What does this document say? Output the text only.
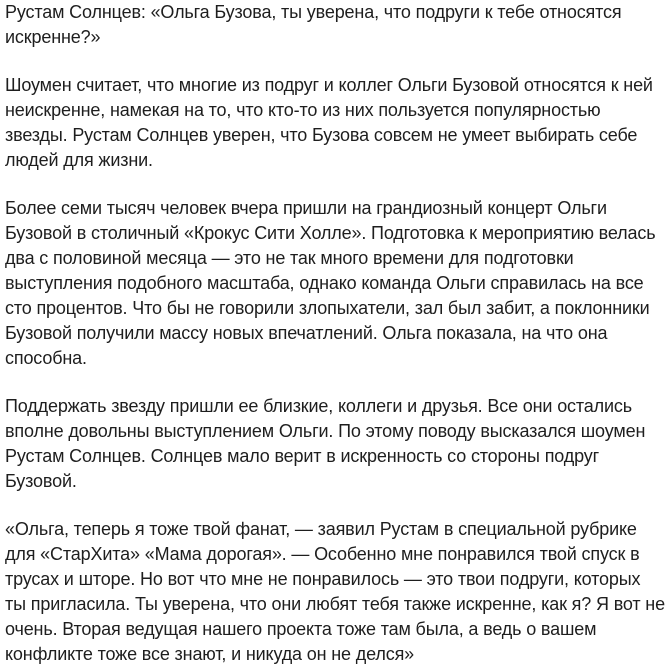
Рустам Солнцев: «Ольга Бузова, ты уверена, что подруги к тебе относятся искренне?»

Шоумен считает, что многие из подруг и коллег Ольги Бузовой относятся к ней неискренне, намекая на то, что кто-то из них пользуется популярностью звезды. Рустам Солнцев уверен, что Бузова совсем не умеет выбирать себе людей для жизни.

Более семи тысяч человек вчера пришли на грандиозный концерт Ольги Бузовой в столичный «Крокус Сити Холле». Подготовка к мероприятию велась два с половиной месяца — это не так много времени для подготовки выступления подобного масштаба, однако команда Ольги справилась на все сто процентов. Что бы не говорили злопыхатели, зал был забит, а поклонники Бузовой получили массу новых впечатлений. Ольга показала, на что она способна.

Поддержать звезду пришли ее близкие, коллеги и друзья. Все они остались вполне довольны выступлением Ольги. По этому поводу высказался шоумен Рустам Солнцев. Солнцев мало верит в искренность со стороны подруг Бузовой.

«Ольга, теперь я тоже твой фанат, — заявил Рустам в специальной рубрике для «СтарХита» «Мама дорогая». — Особенно мне понравился твой спуск в трусах и шторе. Но вот что мне не понравилось — это твои подруги, которых ты пригласила. Ты уверена, что они любят тебя также искренне, как я? Я вот не очень. Вторая ведущая нашего проекта тоже там была, а ведь о вашем конфликте тоже все знают, и никуда он не делся»
